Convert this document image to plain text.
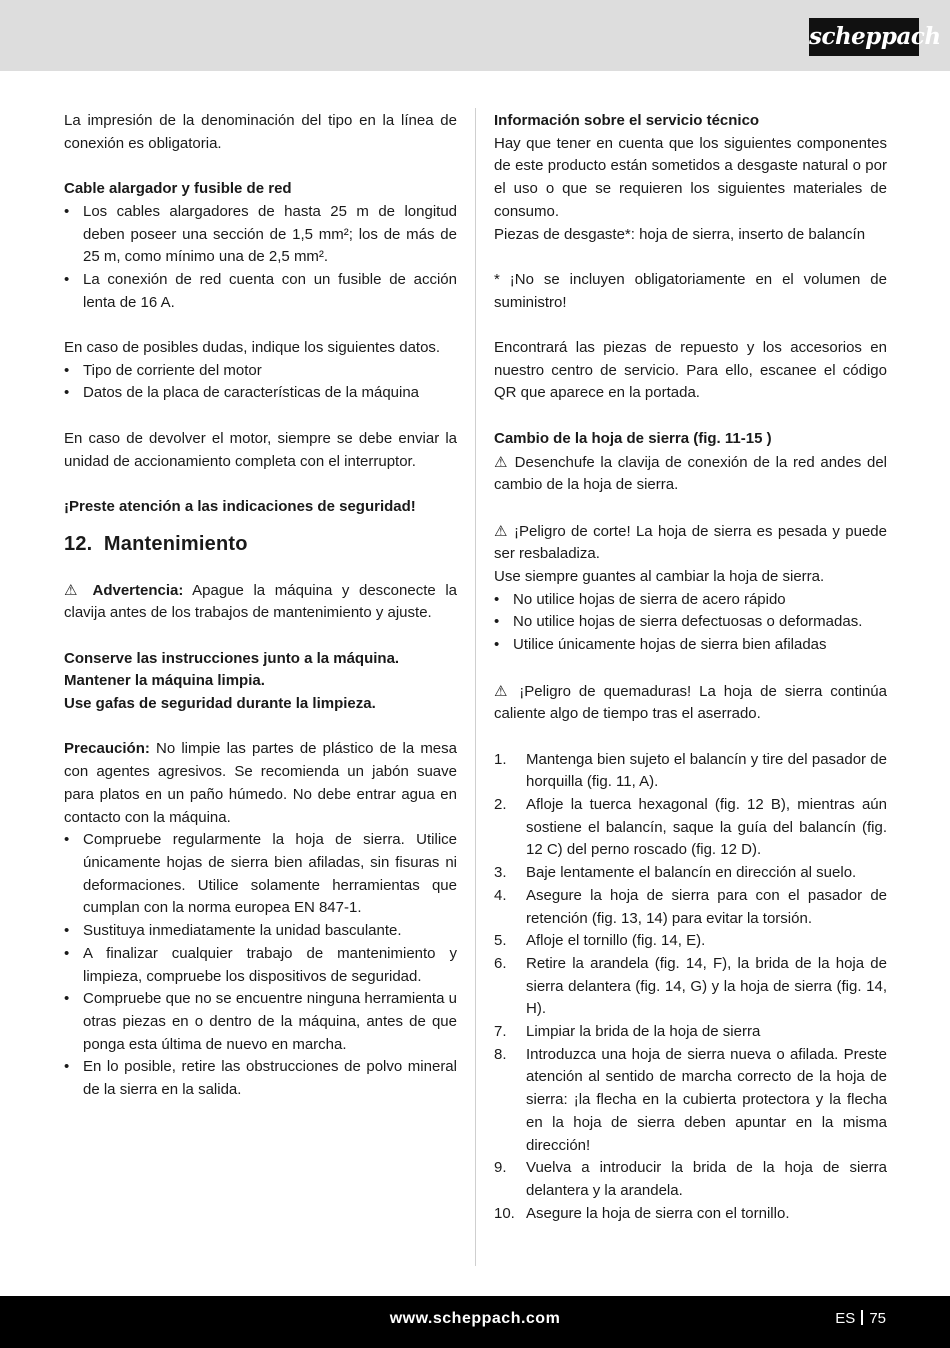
scheppach

La impresión de la denominación del tipo en la línea de conexión es obligatoria.

Cable alargador y fusible de red

• Los cables alargadores de hasta 25 m de longitud deben poseer una sección de 1,5 mm²; los de más de 25 m, como mínimo una de 2,5 mm².
• La conexión de red cuenta con un fusible de acción lenta de 16 A.

En caso de posibles dudas, indique los siguientes datos.

• Tipo de corriente del motor
• Datos de la placa de características de la máquina

En caso de devolver el motor, siempre se debe enviar la unidad de accionamiento completa con el interruptor.

¡Preste atención a las indicaciones de seguridad!

12. Mantenimiento

⚠ Advertencia: Apague la máquina y desconecte la clavija antes de los trabajos de mantenimiento y ajuste.

Conserve las instrucciones junto a la máquina.

Mantener la máquina limpia.

Use gafas de seguridad durante la limpieza.

Precaución: No limpie las partes de plástico de la mesa con agentes agresivos. Se recomienda un jabón suave para platos en un paño húmedo. No debe entrar agua en contacto con la máquina.

• Compruebe regularmente la hoja de sierra. Utilice únicamente hojas de sierra bien afiladas, sin fisuras ni deformaciones. Utilice solamente herramientas que cumplan con la norma europea EN 847-1.
• Sustituya inmediatamente la unidad basculante.
• A finalizar cualquier trabajo de mantenimiento y limpieza, compruebe los dispositivos de seguridad.
• Compruebe que no se encuentre ninguna herramienta u otras piezas en o dentro de la máquina, antes de que ponga esta última de nuevo en marcha.
• En lo posible, retire las obstrucciones de polvo mineral de la sierra en la salida.

Información sobre el servicio técnico

Hay que tener en cuenta que los siguientes componentes de este producto están sometidos a desgaste natural o por el uso o que se requieren los siguientes materiales de consumo.

Piezas de desgaste*: hoja de sierra, inserto de balancín

* ¡No se incluyen obligatoriamente en el volumen de suministro!

Encontrará las piezas de repuesto y los accesorios en nuestro centro de servicio. Para ello, escanee el código QR que aparece en la portada.

Cambio de la hoja de sierra (fig. 11-15 )

⚠ Desenchufe la clavija de conexión de la red andes del cambio de la hoja de sierra.

⚠ ¡Peligro de corte! La hoja de sierra es pesada y puede ser resbaladiza.

Use siempre guantes al cambiar la hoja de sierra.

• No utilice hojas de sierra de acero rápido
• No utilice hojas de sierra defectuosas o deformadas.
• Utilice únicamente hojas de sierra bien afiladas

⚠ ¡Peligro de quemaduras! La hoja de sierra continúa caliente algo de tiempo tras el aserrado.

1. Mantenga bien sujeto el balancín y tire del pasador de horquilla (fig. 11, A).
2. Afloje la tuerca hexagonal (fig. 12 B), mientras aún sostiene el balancín, saque la guía del balancín (fig. 12 C) del perno roscado (fig. 12 D).
3. Baje lentamente el balancín en dirección al suelo.
4. Asegure la hoja de sierra para con el pasador de retención (fig. 13, 14) para evitar la torsión.
5. Afloje el tornillo (fig. 14, E).
6. Retire la arandela (fig. 14, F), la brida de la hoja de sierra delantera (fig. 14, G) y la hoja de sierra (fig. 14, H).
7. Limpiar la brida de la hoja de sierra
8. Introduzca una hoja de sierra nueva o afilada. Preste atención al sentido de marcha correcto de la hoja de sierra: ¡la flecha en la cubierta protectora y la flecha en la hoja de sierra deben apuntar en la misma dirección!
9. Vuelva a introducir la brida de la hoja de sierra delantera y la arandela.
10. Asegure la hoja de sierra con el tornillo.
www.scheppach.com	ES 75
